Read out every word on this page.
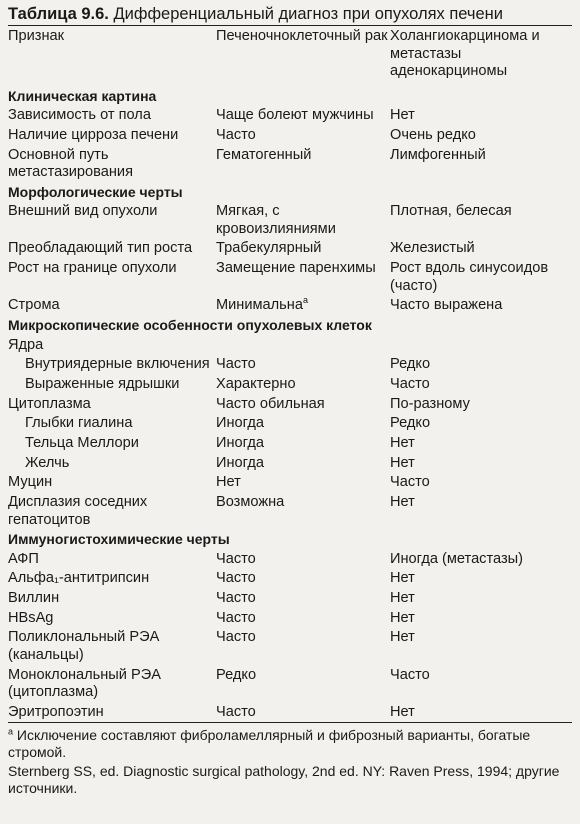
Таблица 9.6. Дифференциальный диагноз при опухолях печени
Признак	Печеночноклеточный рак	Холангиокарцинома и метастазы аденокарциномы
Клиническая картина		
Зависимость от пола	Чаще болеют мужчины	Нет
Наличие цирроза печени	Часто	Очень редко
Основной путь метастазирования	Гематогенный	Лимфогенный
Морфологические черты		
Внешний вид опухоли	Мягкая, с кровоизлияниями	Плотная, белесая
Преобладающий тип роста	Трабекулярный	Железистый
Рост на границе опухоли	Замещение паренхимы	Рост вдоль синусоидов (часто)
Строма	Минимальна$^а$	Часто выражена
Микроскопические особенности опухолевых клеток		
Ядра		
Внутриядерные включения	Часто	Редко
Выраженные ядрышки	Характерно	Часто
Цитоплазма	Часто обильная	По-разному
Глыбки гиалина	Иногда	Редко
Тельца Меллори	Иногда	Нет
Желчь	Иногда	Нет
Муцин	Нет	Часто
Дисплазия соседних гепатоцитов	Возможна	Нет
Иммуногистохимические черты		
АФП	Часто	Иногда (метастазы)
Альфа₁-антитрипсин	Часто	Нет
Виллин	Часто	Нет
HBsAg	Часто	Нет
Поликлональный РЭА (канальцы)	Часто	Нет
Моноклональный РЭА (цитоплазма)	Редко	Часто
Эритропоэтин	Часто	Нет
$^а$ Исключение составляют фиброламеллярный и фиброзный варианты, богатые стромой.
Sternberg SS, ed. Diagnostic surgical pathology, 2nd ed. NY: Raven Press, 1994; другие источники.
